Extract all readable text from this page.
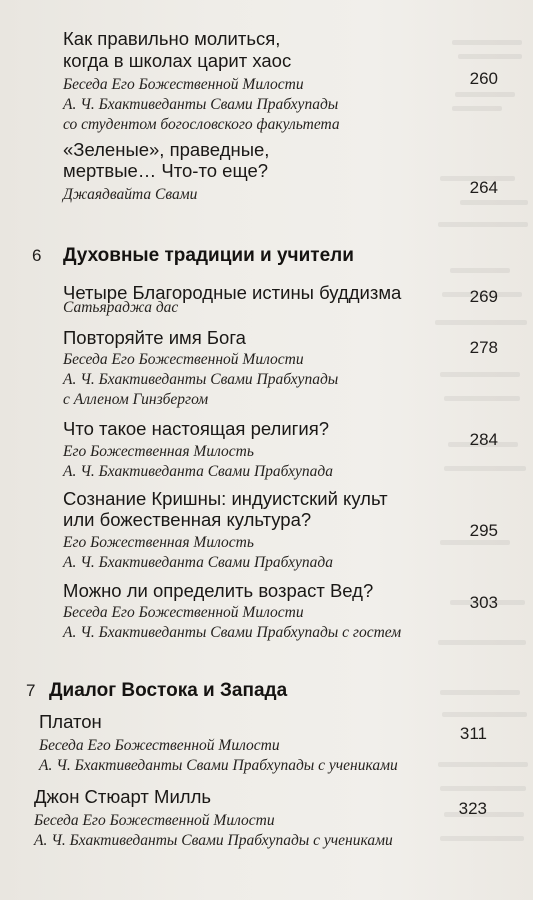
Как правильно молиться,
когда в школах царит хаос
Беседа Его Божественной Милости
А. Ч. Бхактиведанты Свами Прабхупады
со студентом богословского факультета
260
«Зеленые», праведные,
мертвые… Что-то еще?
Джаядвайта Свами	264
6 Духовные традиции и учители
Четыре Благородные истины буддизма
Сатьяраджа дас
269
Повторяйте имя Бога
Беседа Его Божественной Милости
А. Ч. Бхактиведанты Свами Прабхупады
с Алленом Гинзбергом
278
Что такое настоящая религия?
Его Божественная Милость
А. Ч. Бхактиведанта Свами Прабхупада
284
Сознание Кришны: индуистский культ
или божественная культура?
Его Божественная Милость
А. Ч. Бхактиведанта Свами Прабхупада
295
Можно ли определить возраст Вед?
Беседа Его Божественной Милости
А. Ч. Бхактиведанты Свами Прабхупады с гостем
303
7 Диалог Востока и Запада
Платон
Беседа Его Божественной Милости
А. Ч. Бхактиведанты Свами Прабхупады с учениками
311
Джон Стюарт Милль
Беседа Его Божественной Милости
А. Ч. Бхактиведанты Свами Прабхупады с учениками
323
